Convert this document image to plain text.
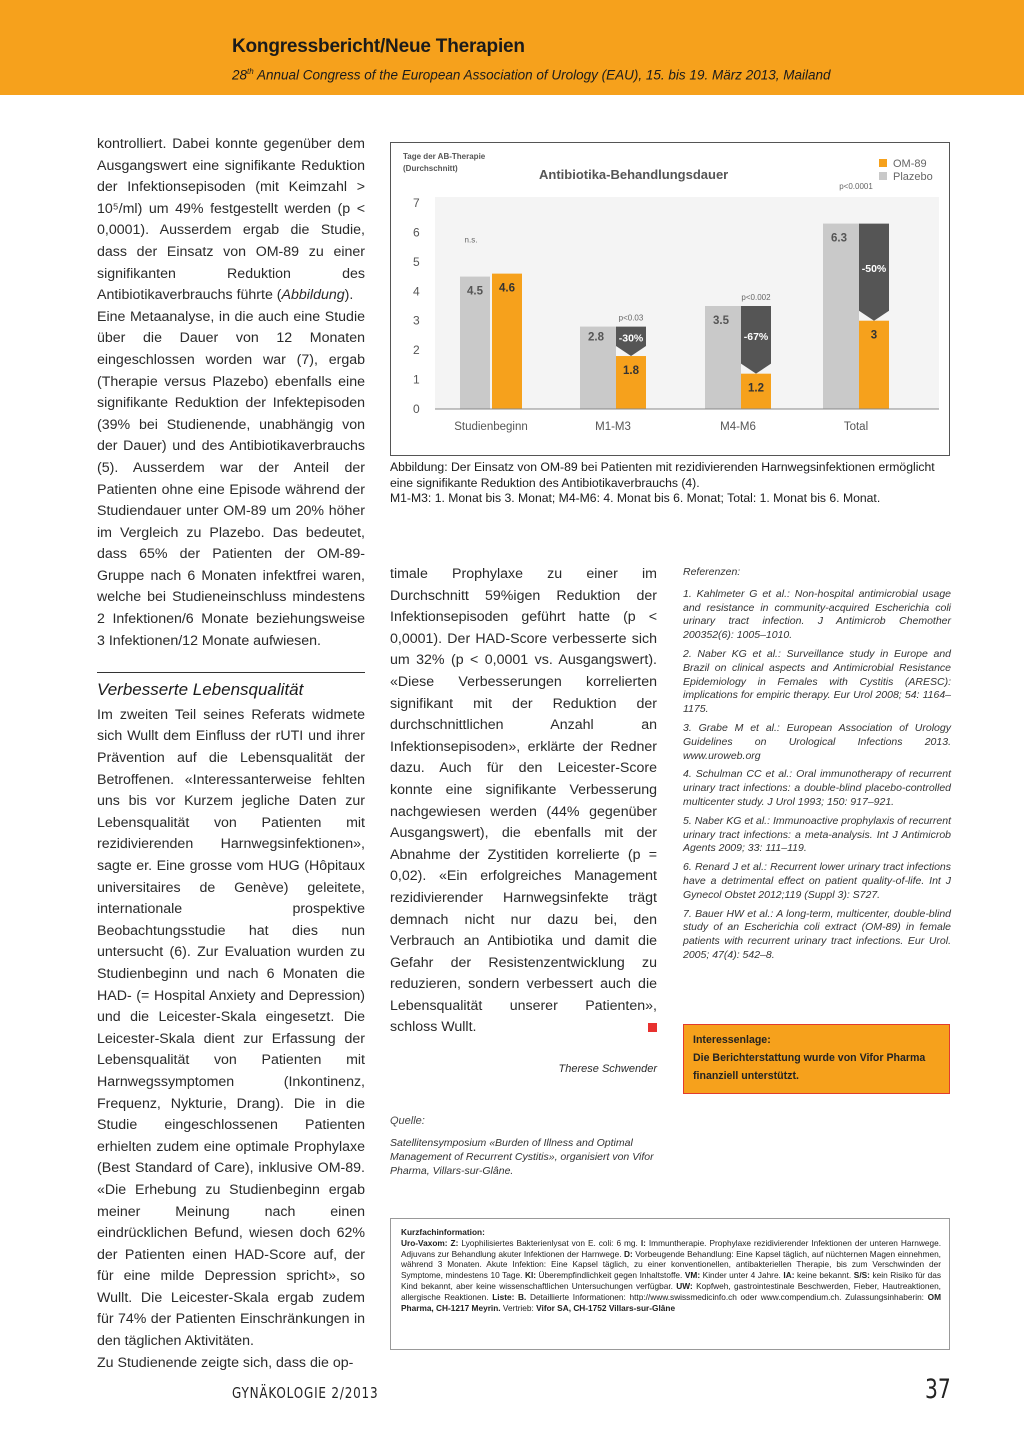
Kongressbericht/Neue Therapien
28th Annual Congress of the European Association of Urology (EAU), 15. bis 19. März 2013, Mailand

kontrolliert. Dabei konnte gegenüber dem Ausgangswert eine signifikante Reduktion der Infektionsepisoden (mit Keimzahl > 10⁵/ml) um 49% festgestellt werden (p < 0,0001). Ausserdem ergab die Studie, dass der Einsatz von OM-89 zu einer signifikanten Reduktion des Antibiotikaverbrauchs führte (Abbildung).

Eine Metaanalyse, in die auch eine Studie über die Dauer von 12 Monaten eingeschlossen worden war (7), ergab (Therapie versus Plazebo) ebenfalls eine signifikante Reduktion der Infektepisoden (39% bei Studienende, unabhängig von der Dauer) und des Antibiotikaverbrauchs (5). Ausserdem war der Anteil der Patienten ohne eine Episode während der Studiendauer unter OM-89 um 20% höher im Vergleich zu Plazebo. Das bedeutet, dass 65% der Patienten der OM-89-Gruppe nach 6 Monaten infektfrei waren, welche bei Studieneinschluss mindestens 2 Infektionen/6 Monate beziehungsweise 3 Infektionen/12 Monate aufwiesen.

Verbesserte Lebensqualität

Im zweiten Teil seines Referats widmete sich Wullt dem Einfluss der rUTI und ihrer Prävention auf die Lebensqualität der Betroffenen. «Interessanterweise fehlten uns bis vor Kurzem jegliche Daten zur Lebensqualität von Patienten mit rezidivierenden Harnwegsinfektionen», sagte er. Eine grosse vom HUG (Hôpitaux universitaires de Genève) geleitete, internationale prospektive Beobachtungsstudie hat dies nun untersucht (6). Zur Evaluation wurden zu Studienbeginn und nach 6 Monaten die HAD- (= Hospital Anxiety and Depression) und die Leicester-Skala eingesetzt. Die Leicester-Skala dient zur Erfassung der Lebensqualität von Patienten mit Harnwegssymptomen (Inkontinenz, Frequenz, Nykturie, Drang). Die in die Studie eingeschlossenen Patienten erhielten zudem eine optimale Prophylaxe (Best Standard of Care), inklusive OM-89. «Die Erhebung zu Studienbeginn ergab meiner Meinung nach einen eindrücklichen Befund, wiesen doch 62% der Patienten einen HAD-Score auf, der für eine milde Depression spricht», so Wullt. Die Leicester-Skala ergab zudem für 74% der Patienten Einschränkungen in den täglichen Aktivitäten.

Zu Studienende zeigte sich, dass die op-

Tage der AB-Therapie
(Durchschnitt)
0
1
2
3
4
5
6
7
Antibiotika-Behandlungsdauer
OM-89
Plazebo
4.5 4.6
Studienbeginn
n.s.
-30%
2.8
1.8
M1-M3
p<0.03
-67%
3.5
1.2
M4-M6
p<0.002
-50%
6.3
3
Total
p<0.0001
Abbildung: Der Einsatz von OM-89 bei Patienten mit rezidivierenden Harnwegsinfektionen ermöglicht eine signifikante Reduktion des Antibiotikaverbrauchs (4).
M1-M3: 1. Monat bis 3. Monat; M4-M6: 4. Monat bis 6. Monat; Total: 1. Monat bis 6. Monat.

timale Prophylaxe zu einer im Durchschnitt 59%igen Reduktion der Infektionsepisoden geführt hatte (p < 0,0001). Der HAD-Score verbesserte sich um 32% (p < 0,0001 vs. Ausgangswert). «Diese Verbesserungen korrelierten signifikant mit der Reduktion der durchschnittlichen Anzahl an Infektionsepisoden», erklärte der Redner dazu. Auch für den Leicester-Score konnte eine signifikante Verbesserung nachgewiesen werden (44% gegenüber Ausgangswert), die ebenfalls mit der Abnahme der Zystitiden korrelierte (p = 0,02). «Ein erfolgreiches Management rezidivierender Harnwegsinfekte trägt demnach nicht nur dazu bei, den Verbrauch an Antibiotika und damit die Gefahr der Resistenzentwicklung zu reduzieren, sondern verbessert auch die Lebensqualität unserer Patienten», schloss Wullt.

Therese Schwender
Quelle:
Satellitensymposium «Burden of Illness and Optimal Management of Recurrent Cystitis», organisiert von Vifor Pharma, Villars-sur-Glâne.
Referenzen:
1. Kahlmeter G et al.: Non-hospital antimicrobial usage and resistance in community-acquired Escherichia coli urinary tract infection. J Antimicrob Chemother 200352(6): 1005–1010.
2. Naber KG et al.: Surveillance study in Europe and Brazil on clinical aspects and Antimicrobial Resistance Epidemiology in Females with Cystitis (ARESC): implications for empiric therapy. Eur Urol 2008; 54: 1164–1175.
3. Grabe M et al.: European Association of Urology Guidelines on Urological Infections 2013. www.uroweb.org
4. Schulman CC et al.: Oral immunotherapy of recurrent urinary tract infections: a double-blind placebo-controlled multicenter study. J Urol 1993; 150: 917–921.
5. Naber KG et al.: Immunoactive prophylaxis of recurrent urinary tract infections: a meta-analysis. Int J Antimicrob Agents 2009; 33: 111–119.
6. Renard J et al.: Recurrent lower urinary tract infections have a detrimental effect on patient quality-of-life. Int J Gynecol Obstet 2012;119 (Suppl 3): S727.
7. Bauer HW et al.: A long-term, multicenter, double-blind study of an Escherichia coli extract (OM-89) in female patients with recurrent urinary tract infections. Eur Urol. 2005; 47(4): 542–8.
Interessenlage:
Die Berichterstattung wurde von Vifor Pharma
finanziell unterstützt.
Kurzfachinformation:
Uro-Vaxom: Z: Lyophilisiertes Bakterienlysat von E. coli: 6 mg. I: Immuntherapie. Prophylaxe rezidivierender Infektionen der unteren Harnwege. Adjuvans zur Behandlung akuter Infektionen der Harnwege. D: Vorbeugende Behandlung: Eine Kapsel täglich, auf nüchternen Magen einnehmen, während 3 Monaten. Akute Infektion: Eine Kapsel täglich, zu einer konventionellen, antibakteriellen Therapie, bis zum Verschwinden der Symptome, mindestens 10 Tage. KI: Überempfindlichkeit gegen Inhaltstoffe. VM: Kinder unter 4 Jahre. IA: keine bekannt. S/S: kein Risiko für das Kind bekannt, aber keine wissenschaftlichen Untersuchungen verfügbar. UW: Kopfweh, gastrointestinale Beschwerden, Fieber, Hautreaktionen, allergische Reaktionen. Liste: B. Detaillierte Informationen: http://www.swissmedicinfo.ch oder www.compendium.ch. Zulassungsinhaberin: OM Pharma, CH-1217 Meyrin. Vertrieb: Vifor SA, CH-1752 Villars-sur-Glâne
GYNÄKOLOGIE 2/2013	37
